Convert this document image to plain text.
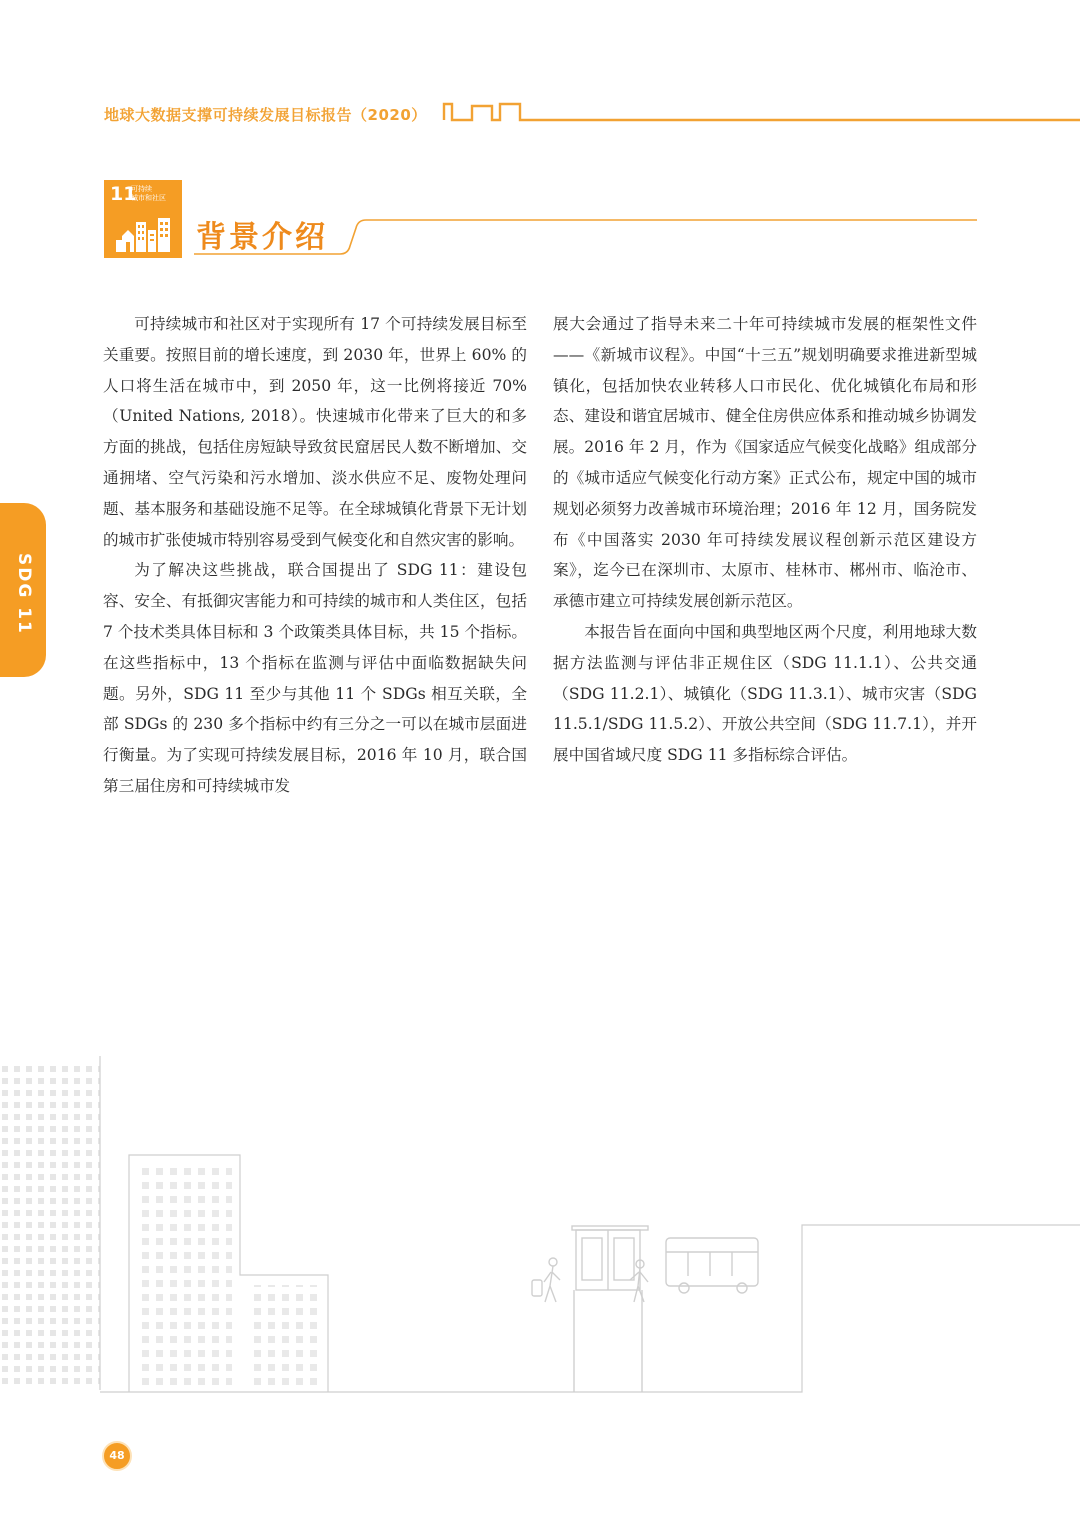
地球大数据支撑可持续发展目标报告（2020）
11
可持续
城市和社区
背景介绍
SDG 11

可持续城市和社区对于实现所有 17 个可持续发展目标至关重要。按照目前的增长速度，到 2030 年，世界上 60% 的人口将生活在城市中，到 2050 年，这一比例将接近 70%（United Nations, 2018）。快速城市化带来了巨大的和多方面的挑战，包括住房短缺导致贫民窟居民人数不断增加、交通拥堵、空气污染和污水增加、淡水供应不足、废物处理问题、基本服务和基础设施不足等。在全球城镇化背景下无计划的城市扩张使城市特别容易受到气候变化和自然灾害的影响。

为了解决这些挑战，联合国提出了 SDG 11：建设包容、安全、有抵御灾害能力和可持续的城市和人类住区，包括 7 个技术类具体目标和 3 个政策类具体目标，共 15 个指标。在这些指标中，13 个指标在监测与评估中面临数据缺失问题。另外，SDG 11 至少与其他 11 个 SDGs 相互关联，全部 SDGs 的 230 多个指标中约有三分之一可以在城市层面进行衡量。为了实现可持续发展目标，2016 年 10 月，联合国第三届住房和可持续城市发

展大会通过了指导未来二十年可持续城市发展的框架性文件——《新城市议程》。中国“十三五”规划明确要求推进新型城镇化，包括加快农业转移人口市民化、优化城镇化布局和形态、建设和谐宜居城市、健全住房供应体系和推动城乡协调发展。2016 年 2 月，作为《国家适应气候变化战略》组成部分的《城市适应气候变化行动方案》正式公布，规定中国的城市规划必须努力改善城市环境治理；2016 年 12 月，国务院发布《中国落实 2030 年可持续发展议程创新示范区建设方案》，迄今已在深圳市、太原市、桂林市、郴州市、临沧市、承德市建立可持续发展创新示范区。

本报告旨在面向中国和典型地区两个尺度，利用地球大数据方法监测与评估非正规住区（SDG 11.1.1）、公共交通（SDG 11.2.1）、城镇化（SDG 11.3.1）、城市灾害（SDG 11.5.1/SDG 11.5.2）、开放公共空间（SDG 11.7.1），并开展中国省域尺度 SDG 11 多指标综合评估。

48
